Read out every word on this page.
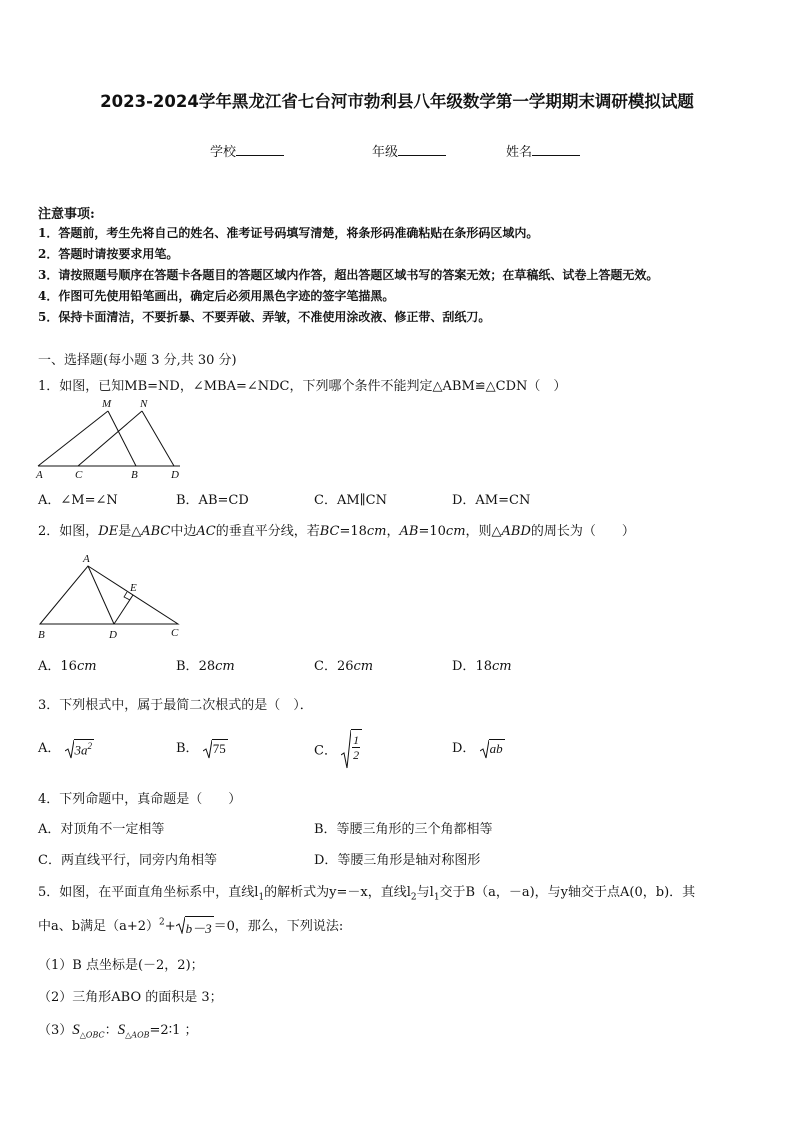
2023-2024学年黑龙江省七台河市勃利县八年级数学第一学期期末调研模拟试题
学校	年级	姓名
注意事项:
1．答题前，考生先将自己的姓名、准考证号码填写清楚，将条形码准确粘贴在条形码区域内。
2．答题时请按要求用笔。
3．请按照题号顺序在答题卡各题目的答题区域内作答，超出答题区域书写的答案无效；在草稿纸、试卷上答题无效。
4．作图可先使用铅笔画出，确定后必须用黑色字迹的签字笔描黑。
5．保持卡面清洁，不要折暴、不要弄破、弄皱，不准使用涂改液、修正带、刮纸刀。
一、选择题(每小题 3 分,共 30 分)
1．如图，已知MB=ND，∠MBA=∠NDC，下列哪个条件不能判定△ABM≌△CDN（　）
M	N
A	C	B	D
A．∠M=∠N	B．AB=CD	C．AM∥CN	D．AM=CN
2．如图，DE是△ABC中边AC的垂直平分线，若BC=18cm，AB=10cm，则△ABD的周长为（　　）
A
E
B	D	C
A．16cm	B．28cm	C．26cm	D．18cm
3．下列根式中，属于最简二次根式的是（　）．
A． $3a^2$	B． 75	C． $\frac{1}{2}$	D． ab
4．下列命题中，真命题是（　　）
A．对顶角不一定相等	B．等腰三角形的三个角都相等
C．两直线平行，同旁内角相等	D．等腰三角形是轴对称图形
5．如图，在平面直角坐标系中，直线$l_1$的解析式为y=－x，直线$l_2$与$l_1$交于B（a，－a)，与y轴交于点A(0，b)．其
中a、b满足$(a+2)^2+ b-3 =0$，那么，下列说法:
（1）B 点坐标是(－2，2)；
（2）三角形ABO 的面积是 3；
$(3)S_{\triangle OBC}$：$S_{\triangle AOB}=2∶1$ ；
